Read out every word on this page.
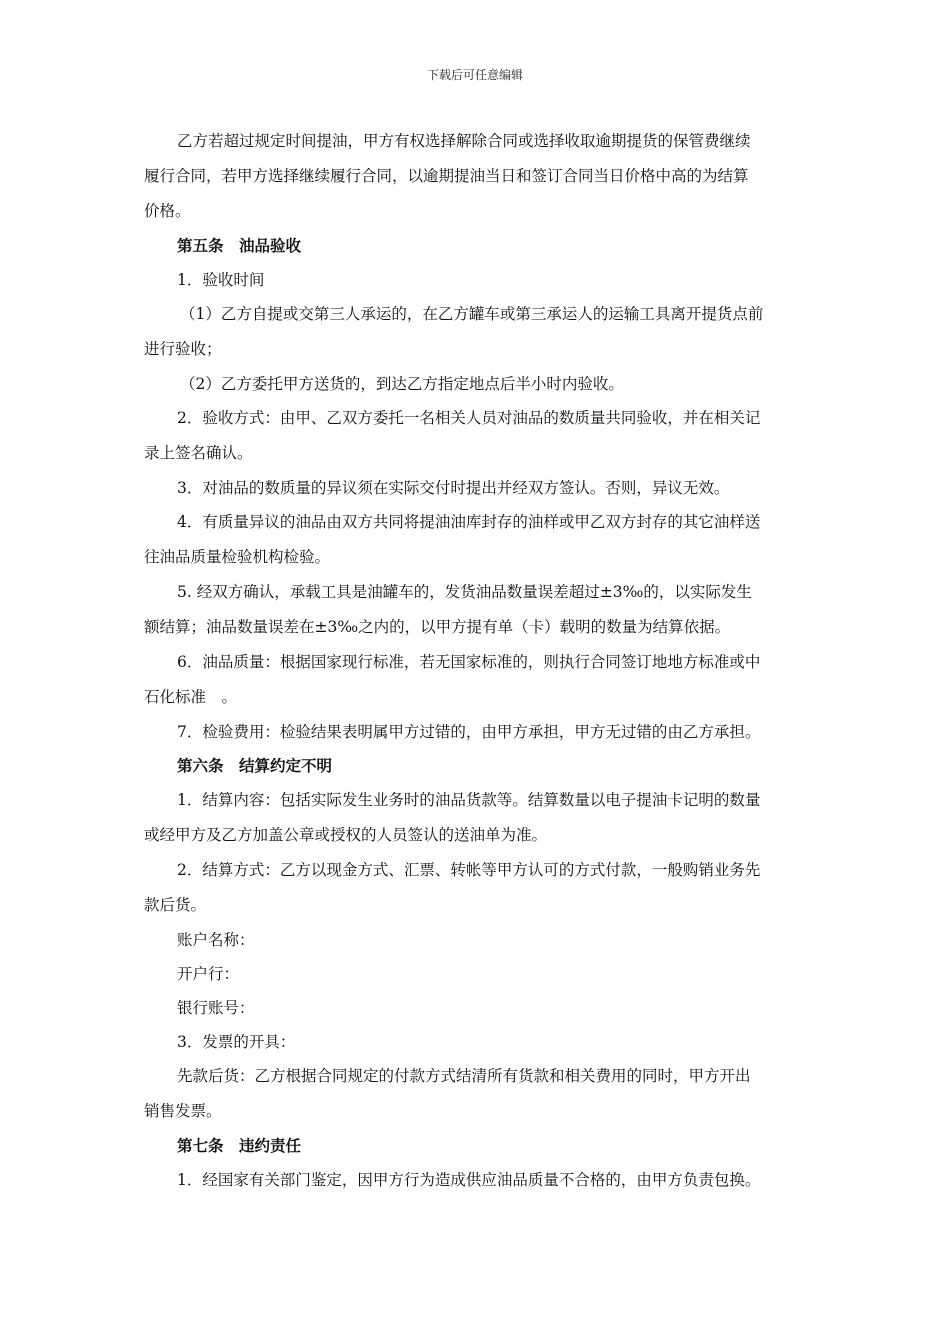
下载后可任意编辑
乙方若超过规定时间提油，甲方有权选择解除合同或选择收取逾期提货的保管费继续
履行合同，若甲方选择继续履行合同，以逾期提油当日和签订合同当日价格中高的为结算
价格。
第五条　油品验收
1．验收时间
（1）乙方自提或交第三人承运的，在乙方罐车或第三承运人的运输工具离开提货点前
进行验收；
（2）乙方委托甲方送货的，到达乙方指定地点后半小时内验收。
2．验收方式：由甲、乙双方委托一名相关人员对油品的数质量共同验收，并在相关记
录上签名确认。
3．对油品的数质量的异议须在实际交付时提出并经双方签认。否则，异议无效。
4．有质量异议的油品由双方共同将提油油库封存的油样或甲乙双方封存的其它油样送
往油品质量检验机构检验。
5. 经双方确认，承载工具是油罐车的，发货油品数量误差超过±3‰的，以实际发生
额结算；油品数量误差在±3‰之内的，以甲方提有单（卡）载明的数量为结算依据。
6．油品质量：根据国家现行标准，若无国家标准的，则执行合同签订地地方标准或中
石化标准　。
7．检验费用：检验结果表明属甲方过错的，由甲方承担，甲方无过错的由乙方承担。
第六条　结算约定不明
1．结算内容：包括实际发生业务时的油品货款等。结算数量以电子提油卡记明的数量
或经甲方及乙方加盖公章或授权的人员签认的送油单为准。
2．结算方式：乙方以现金方式、汇票、转帐等甲方认可的方式付款，一般购销业务先
款后货。
账户名称：
开户行：
银行账号：
3．发票的开具：
先款后货：乙方根据合同规定的付款方式结清所有货款和相关费用的同时，甲方开出
销售发票。
第七条　违约责任
1．经国家有关部门鉴定，因甲方行为造成供应油品质量不合格的，由甲方负责包换。
